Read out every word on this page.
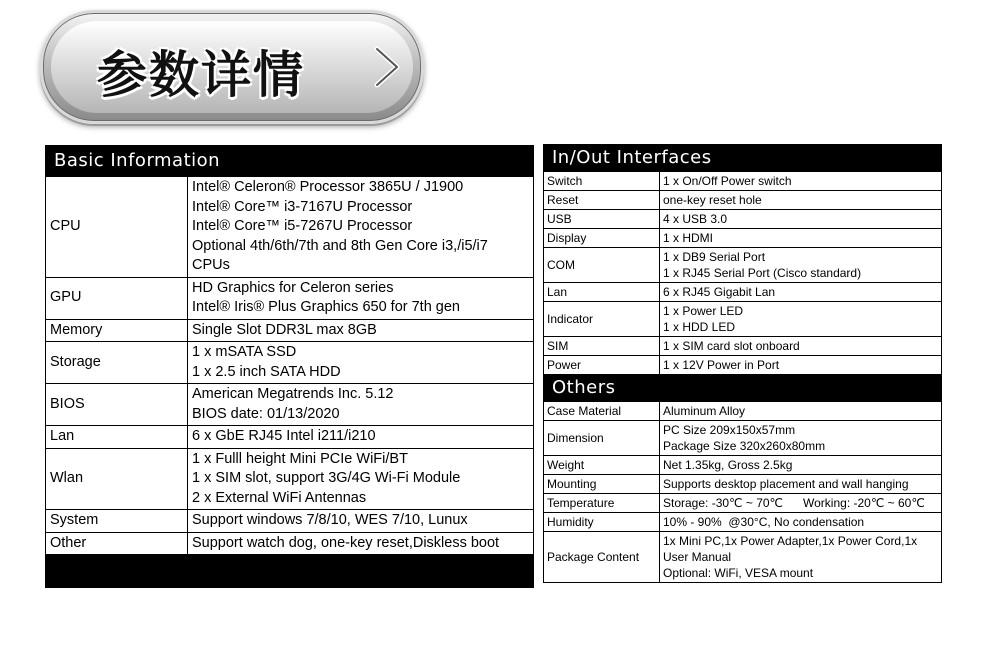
参数详情
Basic Information	
CPU	Intel® Celeron® Processor 3865U / J1900
Intel® Core™ i3-7167U Processor
Intel® Core™ i5-7267U Processor
Optional 4th/6th/7th and 8th Gen Core i3,/i5/i7
CPUs

GPU	HD Graphics for Celeron series
Intel® Iris® Plus Graphics 650 for 7th gen

Memory	Single Slot DDR3L max 8GB

Storage	1 x mSATA SSD
1 x 2.5 inch SATA HDD

BIOS	American Megatrends Inc. 5.12
BIOS date: 01/13/2020

Lan	6 x GbE RJ45 Intel i211/i210

Wlan	1 x Fulll height Mini PCIe WiFi/BT
1 x SIM slot, support 3G/4G Wi-Fi Module
2 x External WiFi Antennas

System	Support windows 7/8/10, WES 7/10, Lunux

Other	Support watch dog, one-key reset,Diskless boot

In/Out Interfaces	
Switch	1 x On/Off Power switch

Reset	one-key reset hole

USB	4 x USB 3.0

Display	1 x HDMI

COM	1 x DB9 Serial Port
1 x RJ45 Serial Port (Cisco standard)

Lan	6 x RJ45 Gigabit Lan

Indicator	1 x Power LED
1 x HDD LED

SIM	1 x SIM card slot onboard

Power	1 x 12V Power in Port

Others	
Case Material	Aluminum Alloy

Dimension	PC Size 209x150x57mm
Package Size 320x260x80mm

Weight	Net 1.35kg, Gross 2.5kg

Mounting	Supports desktop placement and wall hanging

Temperature	Storage: -30℃ ~ 70℃      Working: -20℃ ~ 60℃

Humidity	10% - 90%  @30°C, No condensation

Package Content	1x Mini PC,1x Power Adapter,1x Power Cord,1x
User Manual
Optional: WiFi, VESA mount
